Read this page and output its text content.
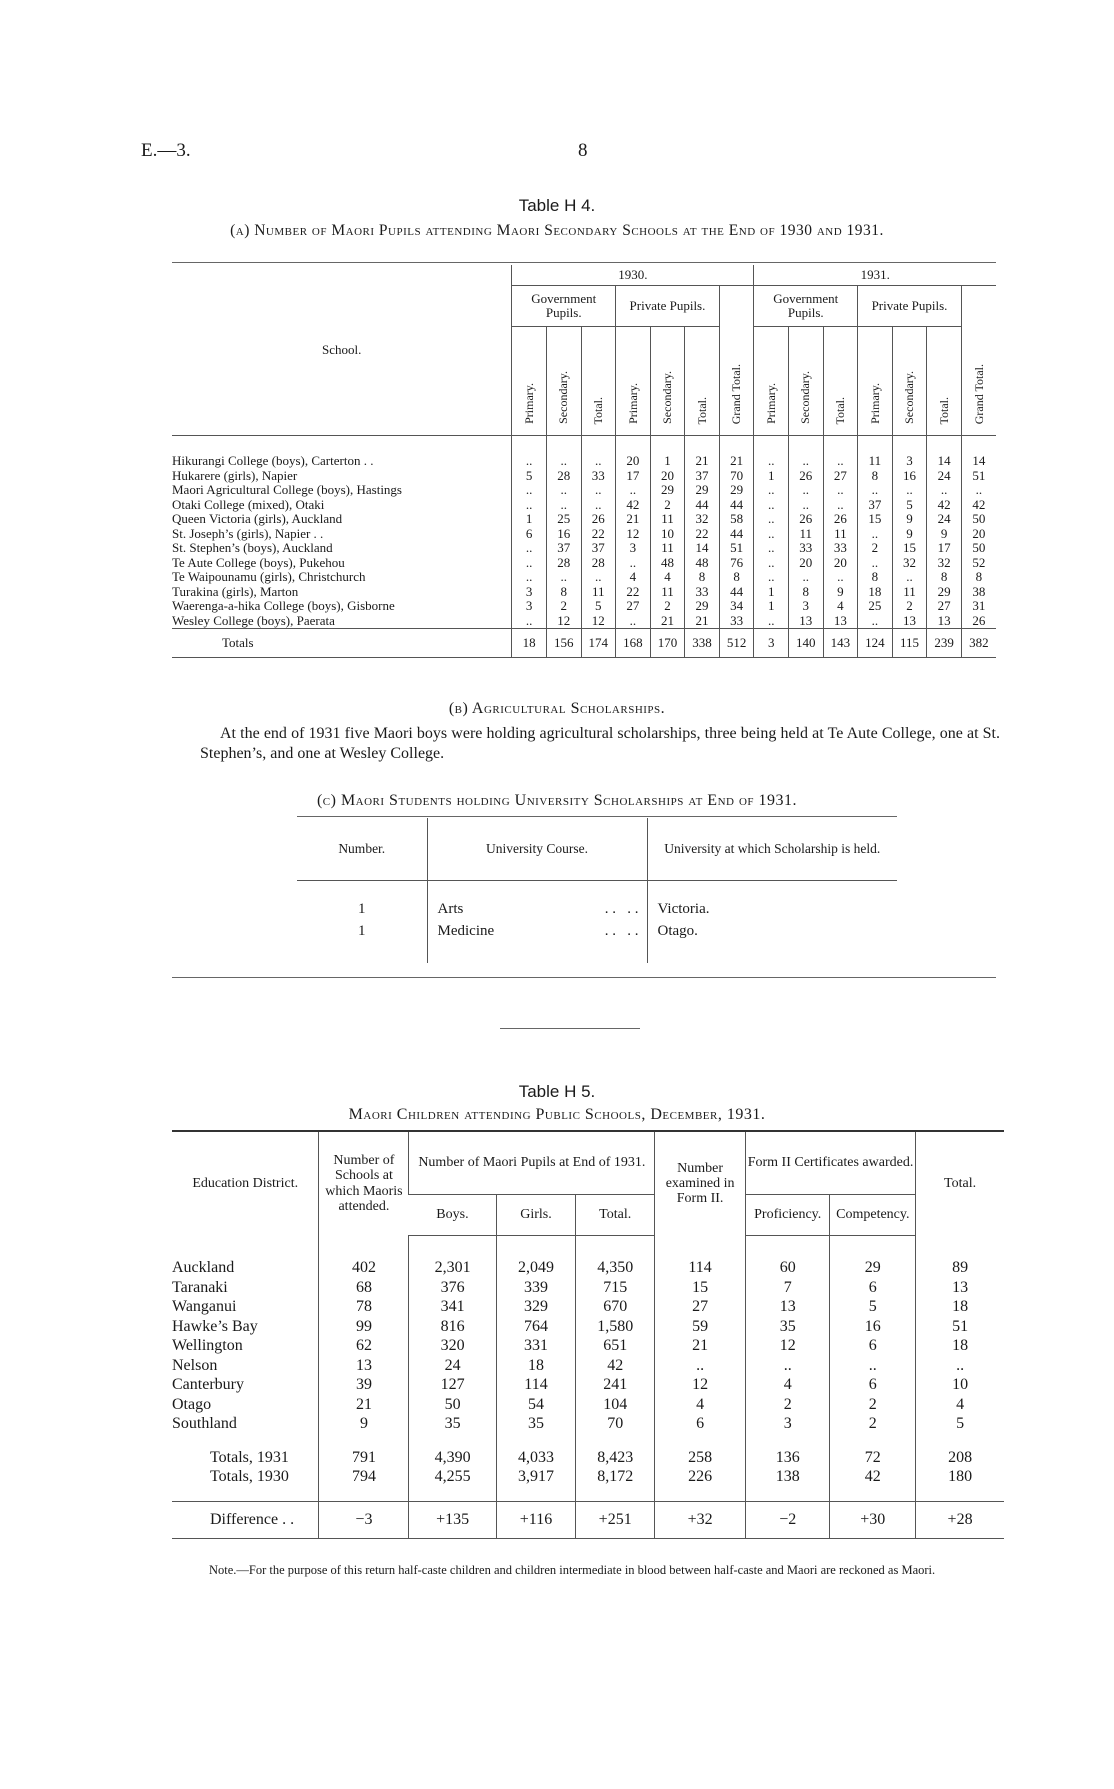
E.—3.	8
Table H 4.
(a) Number of Maori Pupils attending Maori Secondary Schools at the End of 1930 and 1931.
School.	1930.							1931.						
	Government Pupils.			Private Pupils.			Grand Total.	Government Pupils.			Private Pupils.			Grand Total.
	Primary.	Secondary.	Total.	Primary.	Secondary.	Total.		Primary.	Secondary.	Total.	Primary.	Secondary.	Total.	

Hikurangi College (boys), Carterton . .	..	..	..	20	1	21	21	..	..	..	11	3	14	14
Hukarere (girls), Napier	5	28	33	17	20	37	70	1	26	27	8	16	24	51
Maori Agricultural College (boys), Hastings	..	..	..	..	29	29	29	..	..	..	..	..	..	..
Otaki College (mixed), Otaki	..	..	..	42	2	44	44	..	..	..	37	5	42	42
Queen Victoria (girls), Auckland	1	25	26	21	11	32	58	..	26	26	15	9	24	50
St. Joseph’s (girls), Napier . .	6	16	22	12	10	22	44	..	11	11	..	9	9	20
St. Stephen’s (boys), Auckland	..	37	37	3	11	14	51	..	33	33	2	15	17	50
Te Aute College (boys), Pukehou	..	28	28	..	48	48	76	..	20	20	..	32	32	52
Te Waipounamu (girls), Christchurch	..	..	..	4	4	8	8	..	..	..	8	..	8	8
Turakina (girls), Marton	3	8	11	22	11	33	44	1	8	9	18	11	29	38
Waerenga-a-hika College (boys), Gisborne	3	2	5	27	2	29	34	1	3	4	25	2	27	31
Wesley College (boys), Paerata	..	12	12	..	21	21	33	..	13	13	..	13	13	26
Totals	18	156	174	168	170	338	512	3	140	143	124	115	239	382
(b) Agricultural Scholarships.
At the end of 1931 five Maori boys were holding agricultural scholarships, three being held at Te Aute College, one at St. Stephen’s, and one at Wesley College.
(c) Maori Students holding University Scholarships at End of 1931.
Number.	University Course.	University at which Scholarship is held.
1	Arts . .   . .	Victoria.
1	Medicine . .   . .	Otago.
Table H 5.
Maori Children attending Public Schools, December, 1931.
Education District.	Number of Schools at which Maoris attended.	Number of Maori Pupils at End of 1931.			Number examined in Form II.	Form II Certificates awarded.		Total.
		Boys.	Girls.	Total.		Proficiency.	Competency.	

Auckland	402	2,301	2,049	4,350	114	60	29	89
Taranaki	68	376	339	715	15	7	6	13
Wanganui	78	341	329	670	27	13	5	18
Hawke’s Bay	99	816	764	1,580	59	35	16	51
Wellington	62	320	331	651	21	12	6	18
Nelson	13	24	18	42	..	..	..	..
Canterbury	39	127	114	241	12	4	6	10
Otago	21	50	54	104	4	2	2	4
Southland	9	35	35	70	6	3	2	5

Totals, 1931	791	4,390	4,033	8,423	258	136	72	208
Totals, 1930	794	4,255	3,917	8,172	226	138	42	180

Difference . .	−3	+135	+116	+251	+32	−2	+30	+28
Note.—For the purpose of this return half-caste children and children intermediate in blood between half-caste and Maori are reckoned as Maori.
